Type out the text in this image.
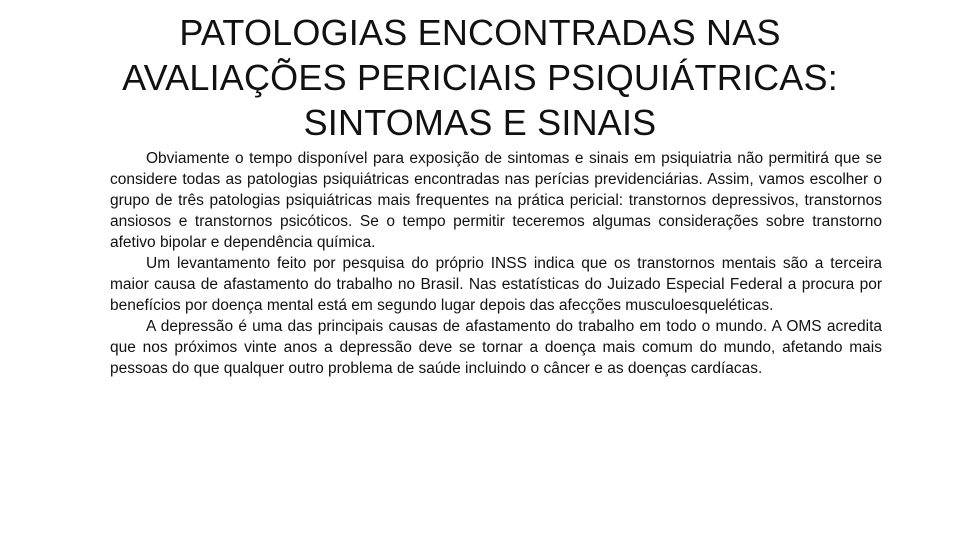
PATOLOGIAS ENCONTRADAS NAS
AVALIAÇÕES PERICIAIS PSIQUIÁTRICAS:
SINTOMAS E SINAIS

Obviamente o tempo disponível para exposição de sintomas e sinais em psiquiatria não permitirá que se considere todas as patologias psiquiátricas encontradas nas perícias previdenciárias. Assim, vamos escolher o grupo de três patologias psiquiátricas mais frequentes na prática pericial: transtornos depressivos, transtornos ansiosos e transtornos psicóticos. Se o tempo permitir teceremos algumas considerações sobre transtorno afetivo bipolar e dependência química.

Um levantamento feito por pesquisa do próprio INSS indica que os transtornos mentais são a terceira maior causa de afastamento do trabalho no Brasil. Nas estatísticas do Juizado Especial Federal a procura por benefícios por doença mental está em segundo lugar depois das afecções musculoesqueléticas.

A depressão é uma das principais causas de afastamento do trabalho em todo o mundo. A OMS acredita que nos próximos vinte anos a depressão deve se tornar a doença mais comum do mundo, afetando mais pessoas do que qualquer outro problema de saúde incluindo o câncer e as doenças cardíacas.
